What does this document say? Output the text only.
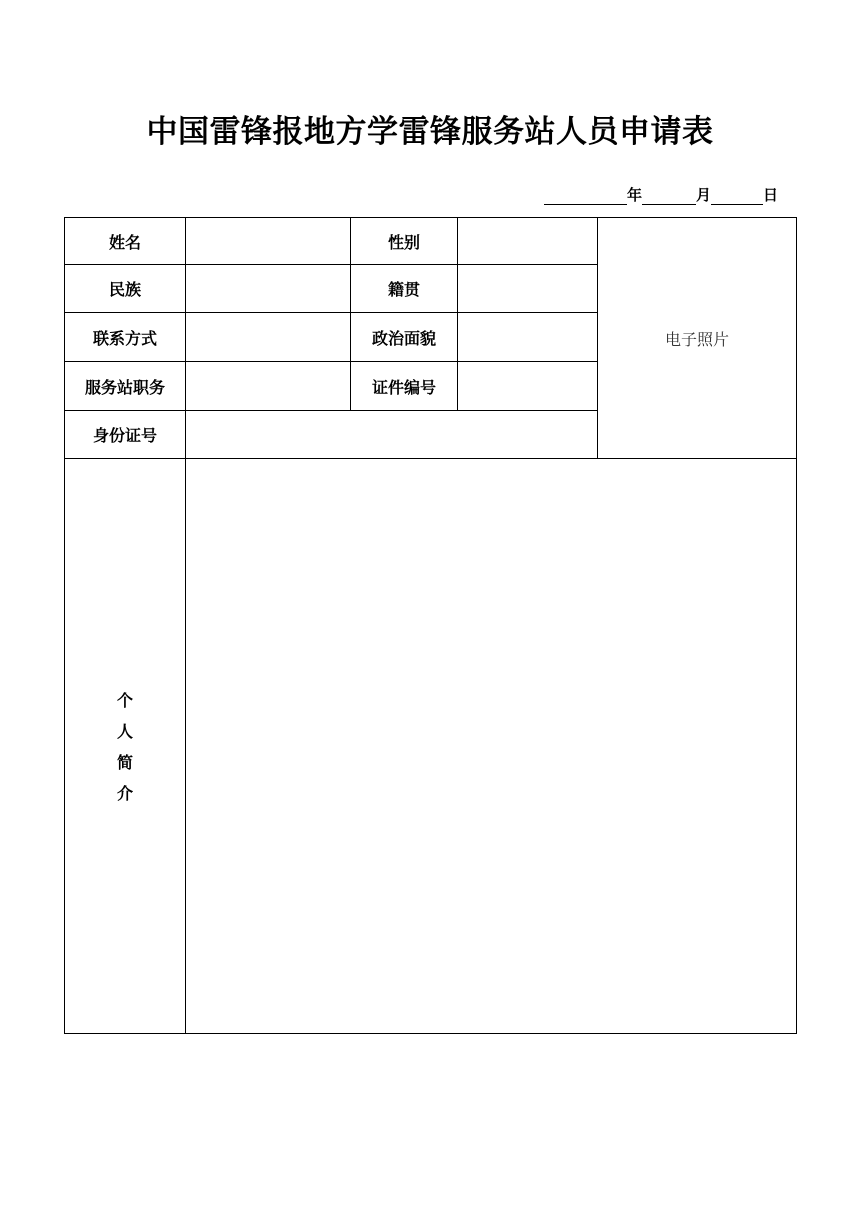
中国雷锋报地方学雷锋服务站人员申请表
年	月	日
姓名		性别		电子照片
民族		籍贯		
联系方式		政治面貌		
服务站职务		证件编号		
身份证号				

个
人
简
介				
